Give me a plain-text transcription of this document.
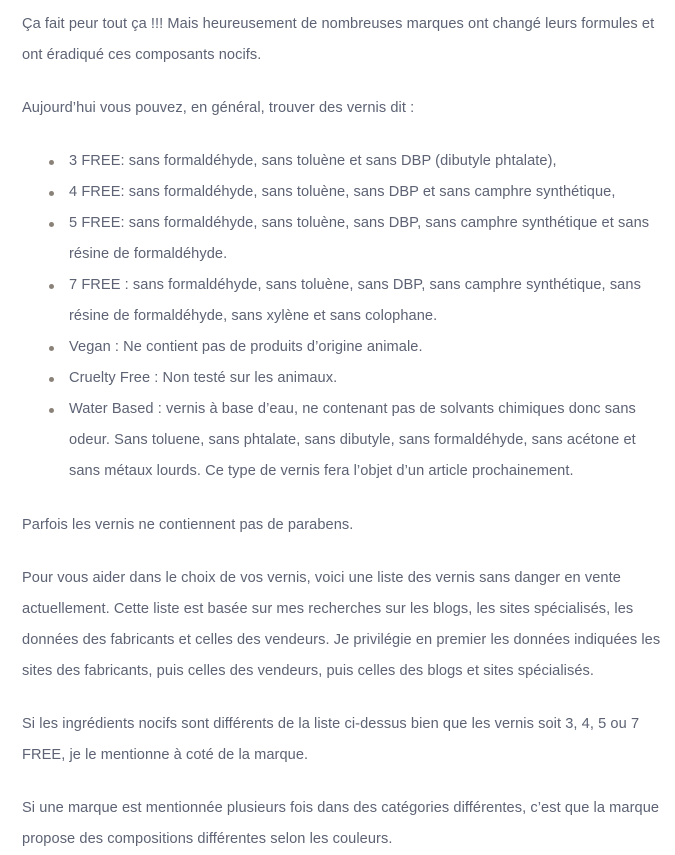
Ça fait peur tout ça !!! Mais heureusement de nombreuses marques ont changé leurs formules et ont éradiqué ces composants nocifs.

Aujourd’hui vous pouvez, en général, trouver des vernis dit :

3 FREE: sans formaldéhyde, sans toluène et sans DBP (dibutyle phtalate),
4 FREE: sans formaldéhyde, sans toluène, sans DBP et sans camphre synthétique,
5 FREE: sans formaldéhyde, sans toluène, sans DBP, sans camphre synthétique et sans résine de formaldéhyde.
7 FREE : sans formaldéhyde, sans toluène, sans DBP, sans camphre synthétique, sans résine de formaldéhyde, sans xylène et sans colophane.
Vegan : Ne contient pas de produits d’origine animale.
Cruelty Free : Non testé sur les animaux.
Water Based : vernis à base d’eau, ne contenant pas de solvants chimiques donc sans odeur. Sans toluene, sans phtalate, sans dibutyle, sans formaldéhyde, sans acétone et sans métaux lourds. Ce type de vernis fera l’objet d’un article prochainement.

Parfois les vernis ne contiennent pas de parabens.

Pour vous aider dans le choix de vos vernis, voici une liste des vernis sans danger en vente actuellement. Cette liste est basée sur mes recherches sur les blogs, les sites spécialisés, les données des fabricants et celles des vendeurs. Je privilégie en premier les données indiquées les sites des fabricants, puis celles des vendeurs, puis celles des blogs et sites spécialisés.

Si les ingrédients nocifs sont différents de la liste ci-dessus bien que les vernis soit 3, 4, 5 ou 7 FREE, je le mentionne à coté de la marque.

Si une marque est mentionnée plusieurs fois dans des catégories différentes, c’est que la marque propose des compositions différentes selon les couleurs.
